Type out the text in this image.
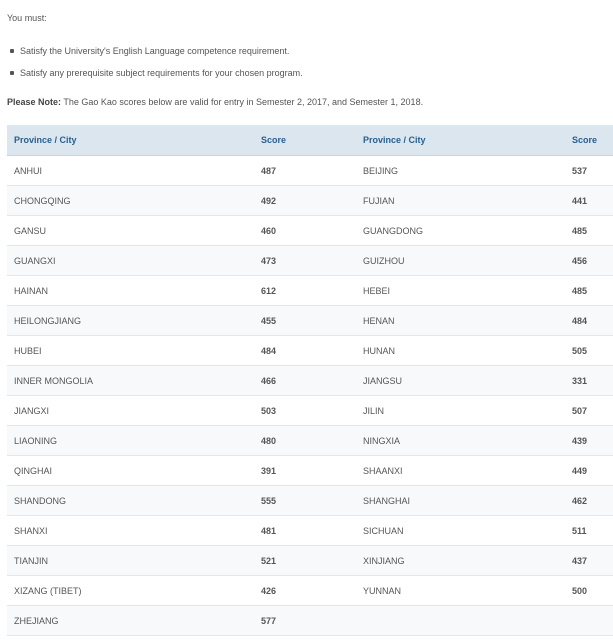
You must:

Satisfy the University's English Language competence requirement.
Satisfy any prerequisite subject requirements for your chosen program.

Please Note: The Gao Kao scores below are valid for entry in Semester 2, 2017, and Semester 1, 2018.

Province / City	Score	Province / City	Score
ANHUI	487	BEIJING	537
CHONGQING	492	FUJIAN	441
GANSU	460	GUANGDONG	485
GUANGXI	473	GUIZHOU	456
HAINAN	612	HEBEI	485
HEILONGJIANG	455	HENAN	484
HUBEI	484	HUNAN	505
INNER MONGOLIA	466	JIANGSU	331
JIANGXI	503	JILIN	507
LIAONING	480	NINGXIA	439
QINGHAI	391	SHAANXI	449
SHANDONG	555	SHANGHAI	462
SHANXI	481	SICHUAN	511
TIANJIN	521	XINJIANG	437
XIZANG (TIBET)	426	YUNNAN	500
ZHEJIANG	577		
